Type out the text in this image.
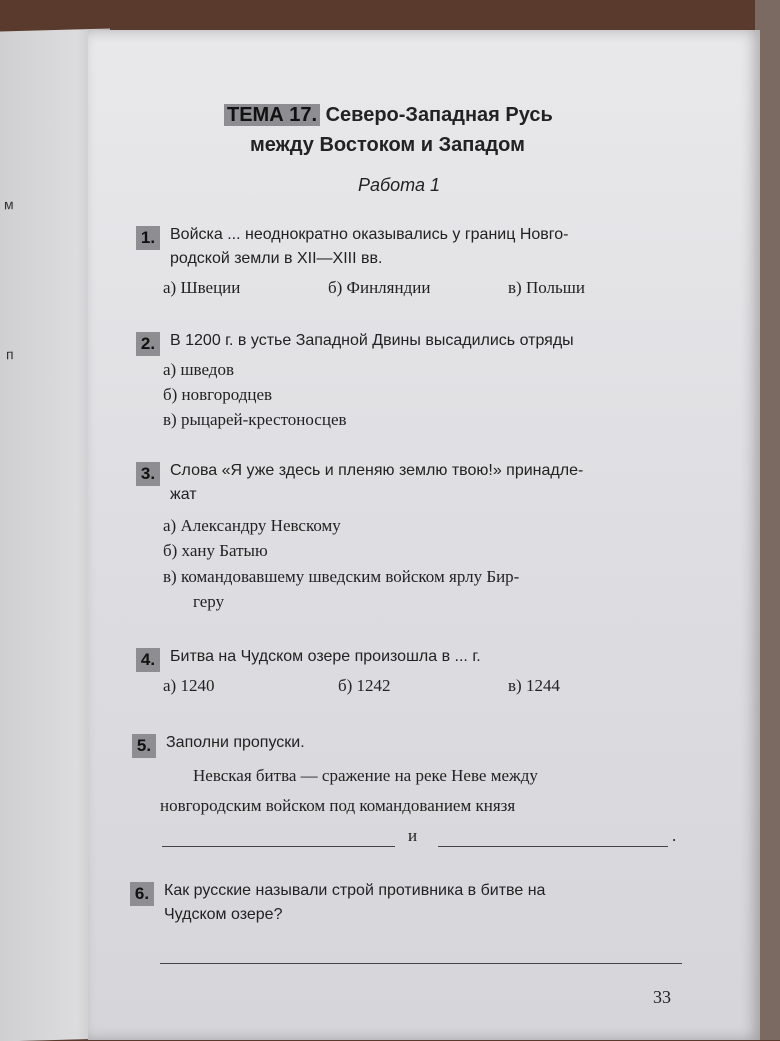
м
п
ТЕМА 17. Северо-Западная Русь
между Востоком и Западом
Работа 1
1. Войска ... неоднократно оказывались у границ Новго-
родской земли в XII—XIII вв.
а) Швеции	б) Финляндии	в) Польши
2. В 1200 г. в устье Западной Двины высадились отряды
а) шведов
б) новгородцев
в) рыцарей-крестоносцев
3. Слова «Я уже здесь и пленяю землю твою!» принадле-
жат
а) Александру Невскому
б) хану Батыю
в) командовавшему шведским войском ярлу Бир-
геру
4. Битва на Чудском озере произошла в ... г.
а) 1240	б) 1242	в) 1244
5. Заполни пропуски.
Невская битва — сражение на реке Неве между
новгородским войском под командованием князя
и	.
6. Как русские называли строй противника в битве на
Чудском озере?
33
